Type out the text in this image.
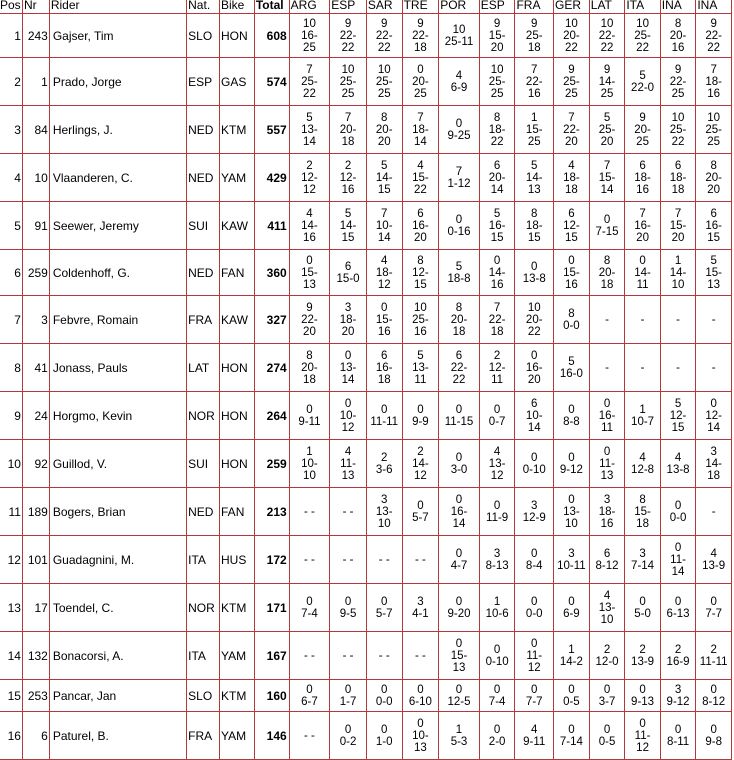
Pos	Nr	Rider	Nat.	Bike	Total	ARG	ESP	SAR	TRE	POR	ESP	FRA	GER	LAT	ITA	INA	INA
1	243	Gajser, Tim	SLO	HON	608	10
16-
25	9
22-
22	9
22-
22	9
22-
18	10
25-11	9
15-
20	9
25-
18	10
20-
22	10
22-
22	10
25-
22	8
20-
16	9
22-
22

2	1	Prado, Jorge	ESP	GAS	574	7
25-
22	10
25-
25	10
25-
25	0
20-
25	4
6-9	10
25-
25	7
22-
16	9
25-
25	9
14-
25	5
22-0	9
22-
25	7
18-
16

3	84	Herlings, J.	NED	KTM	557	5
13-
14	7
20-
18	8
20-
20	7
18-
14	0
9-25	8
18-
22	1
15-
25	7
22-
20	5
25-
20	9
20-
25	10
25-
22	10
25-
25

4	10	Vlaanderen, C.	NED	YAM	429	2
12-
12	2
12-
16	5
14-
15	4
15-
22	7
1-12	6
20-
14	5
14-
13	4
18-
18	7
15-
14	6
18-
16	6
18-
18	8
20-
20

5	91	Seewer, Jeremy	SUI	KAW	411	4
14-
16	5
14-
15	7
10-
14	6
16-
20	0
0-16	5
16-
15	8
18-
15	6
12-
15	0
7-15	7
16-
20	7
15-
20	6
16-
15

6	259	Coldenhoff, G.	NED	FAN	360	0
15-
13	6
15-0	4
18-
12	8
12-
15	5
18-8	0
14-
16	0
13-8	0
15-
16	8
20-
18	0
14-
11	1
14-
10	5
15-
13

7	3	Febvre, Romain	FRA	KAW	327	9
22-
20	3
18-
20	0
15-
16	10
25-
16	8
20-
18	7
22-
18	10
20-
22	8
0-0	-	-	-	-

8	41	Jonass, Pauls	LAT	HON	274	8
20-
18	0
13-
14	6
16-
18	5
13-
11	6
22-
22	2
12-
11	0
16-
20	5
16-0	-	-	-	-

9	24	Horgmo, Kevin	NOR	HON	264	0
9-11	0
10-
12	0
11-11	0
9-9	0
11-15	0
0-7	6
10-
14	0
8-8	0
16-
11	1
10-7	5
12-
15	0
12-
14

10	92	Guillod, V.	SUI	HON	259	1
10-
10	4
11-
13	2
3-6	2
14-
12	0
3-0	4
13-
12	0
0-10	0
9-12	0
11-
13	4
12-8	4
13-8	3
14-
18

11	189	Bogers, Brian	NED	FAN	213	- -	- -	3
13-
10	0
5-7	0
16-
14	0
11-9	3
12-9	0
13-
10	3
18-
16	8
15-
18	0
0-0	-

12	101	Guadagnini, M.	ITA	HUS	172	- -	- -	- -	- -	0
4-7	3
8-13	0
8-4	3
10-11	6
8-12	3
7-14	0
11-
14	4
13-9

13	17	Toendel, C.	NOR	KTM	171	0
7-4	0
9-5	0
5-7	3
4-1	0
9-20	1
10-6	0
0-0	0
6-9	4
13-
10	0
5-0	0
6-13	0
7-7

14	132	Bonacorsi, A.	ITA	YAM	167	- -	- -	- -	- -	0
15-
13	0
0-10	0
11-
12	1
14-2	2
12-0	2
13-9	2
16-9	2
11-11

15	253	Pancar, Jan	SLO	KTM	160	0
6-7	0
1-7	0
0-0	0
6-10	0
12-5	0
7-4	0
7-7	0
0-5	0
3-7	0
9-13	3
9-12	0
8-12

16	6	Paturel, B.	FRA	YAM	146	- -	0
0-2	0
1-0	0
10-
13	1
5-3	0
2-0	4
9-11	0
7-14	0
0-5	0
11-
12	0
8-11	0
9-8
